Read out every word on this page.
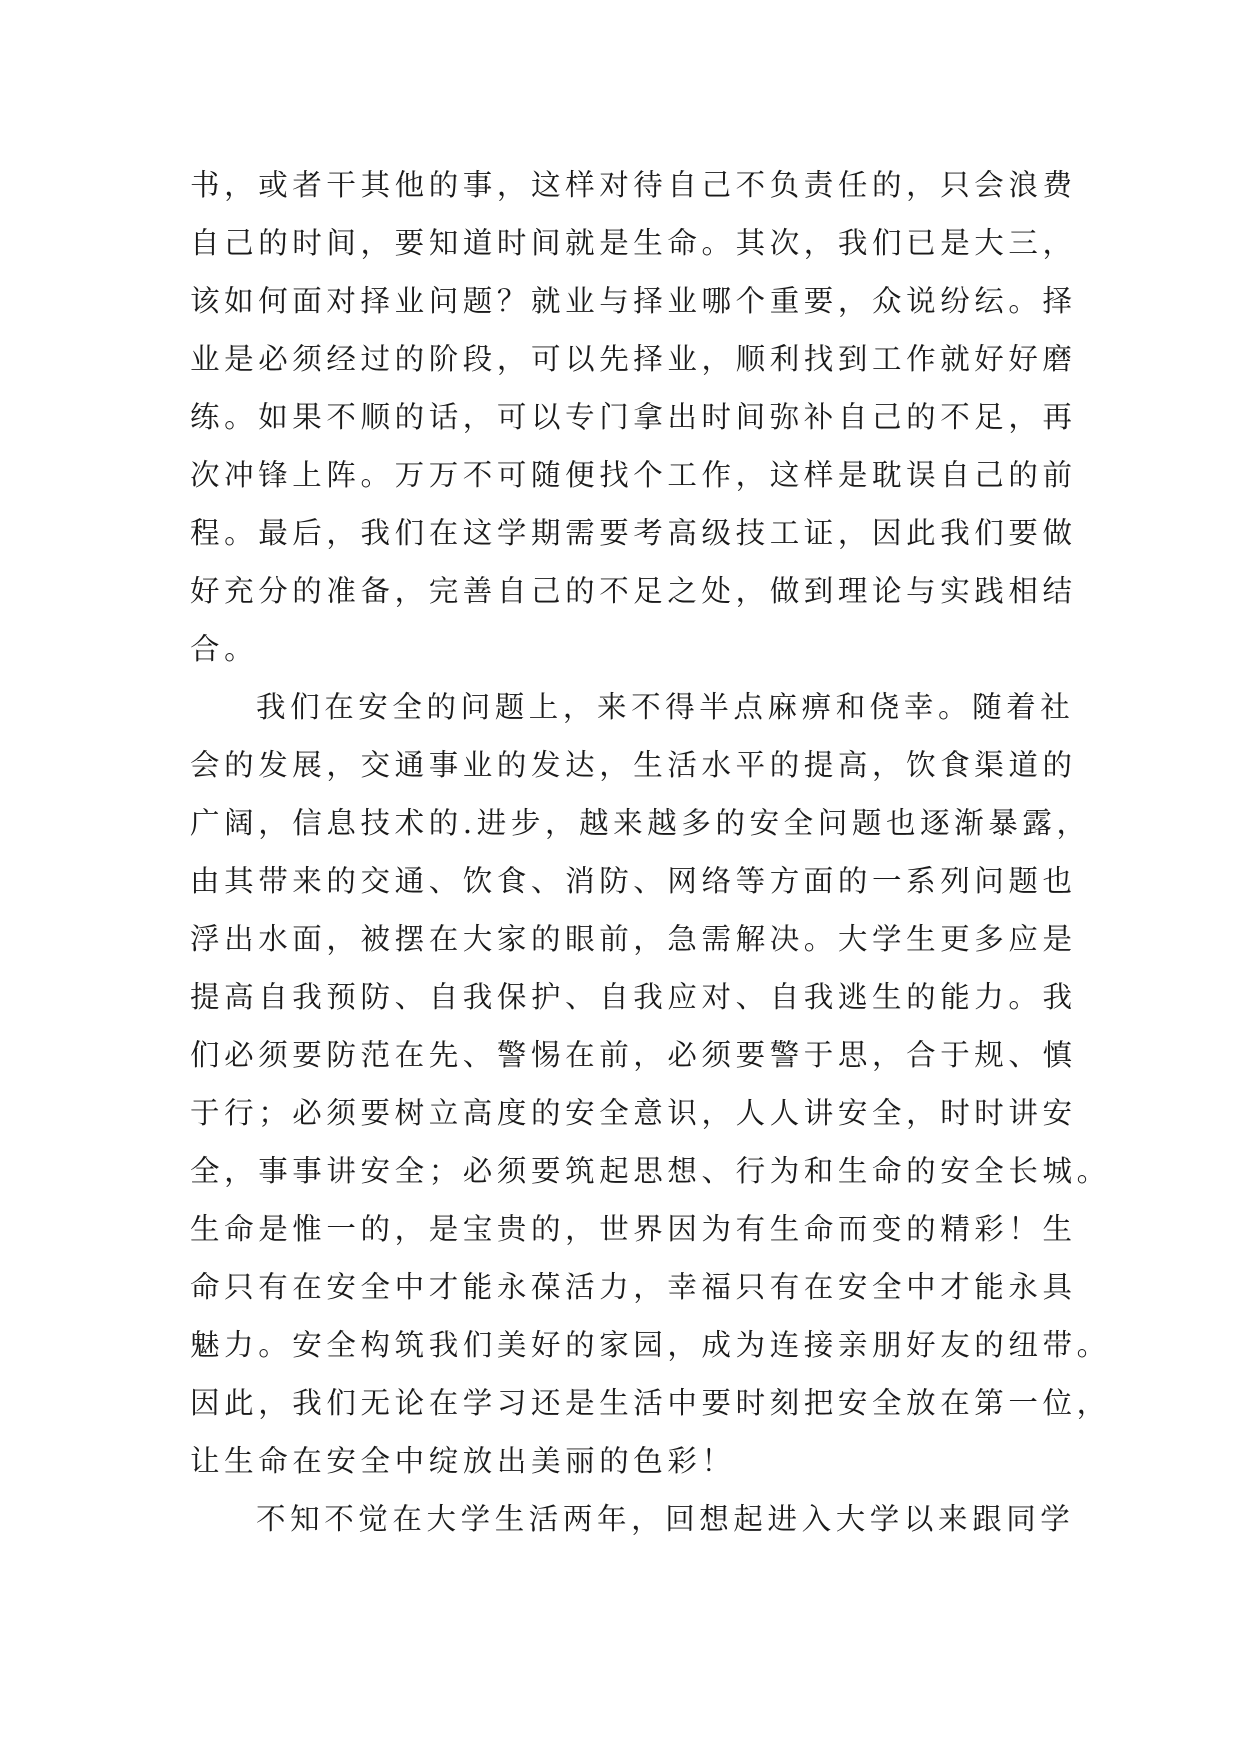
书，或者干其他的事，这样对待自己不负责任的，只会浪费
自己的时间，要知道时间就是生命。其次，我们已是大三，
该如何面对择业问题？就业与择业哪个重要，众说纷纭。择
业是必须经过的阶段，可以先择业，顺利找到工作就好好磨
练。如果不顺的话，可以专门拿出时间弥补自己的不足，再
次冲锋上阵。万万不可随便找个工作，这样是耽误自己的前
程。最后，我们在这学期需要考高级技工证，因此我们要做
好充分的准备，完善自己的不足之处，做到理论与实践相结
合。

我们在安全的问题上，来不得半点麻痹和侥幸。随着社
会的发展，交通事业的发达，生活水平的提高，饮食渠道的
广阔，信息技术的.进步，越来越多的安全问题也逐渐暴露，
由其带来的交通、饮食、消防、网络等方面的一系列问题也
浮出水面，被摆在大家的眼前，急需解决。大学生更多应是
提高自我预防、自我保护、自我应对、自我逃生的能力。我
们必须要防范在先、警惕在前，必须要警于思，合于规、慎
于行；必须要树立高度的安全意识，人人讲安全，时时讲安
全，事事讲安全；必须要筑起思想、行为和生命的安全长城。
生命是惟一的，是宝贵的，世界因为有生命而变的精彩！生
命只有在安全中才能永葆活力，幸福只有在安全中才能永具
魅力。安全构筑我们美好的家园，成为连接亲朋好友的纽带。
因此，我们无论在学习还是生活中要时刻把安全放在第一位，
让生命在安全中绽放出美丽的色彩！

不知不觉在大学生活两年，回想起进入大学以来跟同学
